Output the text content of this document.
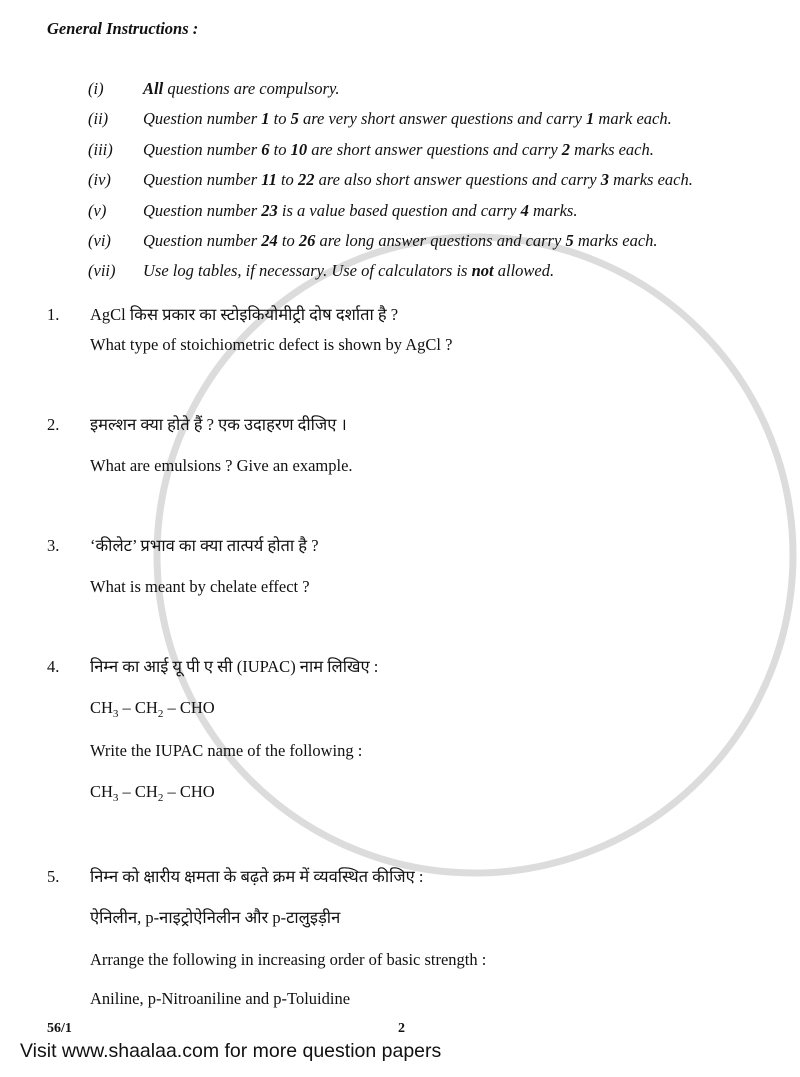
General Instructions :
(i) All questions are compulsory.
(ii) Question number 1 to 5 are very short answer questions and carry 1 mark each.
(iii) Question number 6 to 10 are short answer questions and carry 2 marks each.
(iv) Question number 11 to 22 are also short answer questions and carry 3 marks each.
(v) Question number 23 is a value based question and carry 4 marks.
(vi) Question number 24 to 26 are long answer questions and carry 5 marks each.
(vii) Use log tables, if necessary. Use of calculators is not allowed.
1. AgCl किस प्रकार का स्टोइकियोमीट्री दोष दर्शाता है ?
What type of stoichiometric defect is shown by AgCl ?
2. इमल्शन क्या होते हैं ? एक उदाहरण दीजिए ।
What are emulsions ? Give an example.
3. ‘कीलेट’ प्रभाव का क्या तात्पर्य होता है ?
What is meant by chelate effect ?
4. निम्न का आई यू पी ए सी (IUPAC) नाम लिखिए :
$CH_3 - CH_2$ – CHO
Write the IUPAC name of the following :
$CH_3 - CH_2$ – CHO
5. निम्न को क्षारीय क्षमता के बढ़ते क्रम में व्यवस्थित कीजिए :
ऐनिलीन, p-नाइट्रोऐनिलीन और p-टालुइड़ीन
Arrange the following in increasing order of basic strength :
Aniline, p-Nitroaniline and p-Toluidine
56/1	2
Visit www.shaalaa.com for more question papers
